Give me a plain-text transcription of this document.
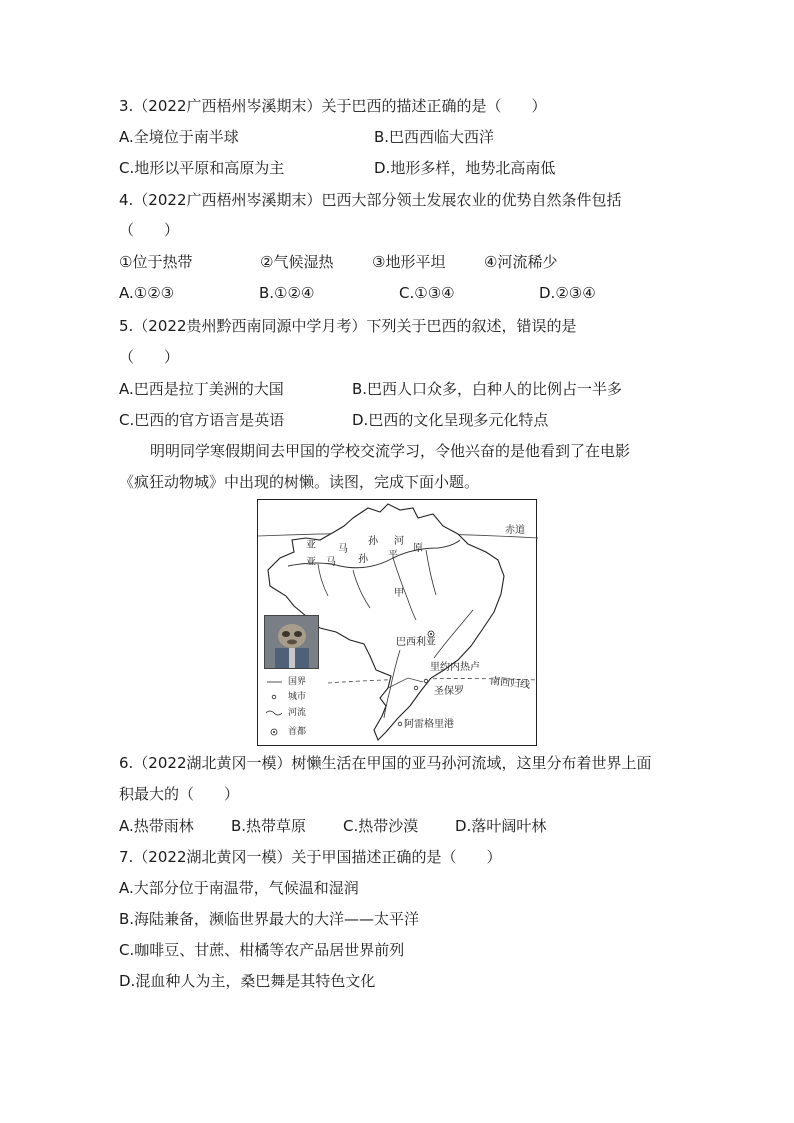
3.（2022广西梧州岑溪期末）关于巴西的描述正确的是（　　）
A.全境位于南半球	B.巴西西临大西洋
C.地形以平原和高原为主	D.地形多样，地势北高南低
4.（2022广西梧州岑溪期末）巴西大部分领土发展农业的优势自然条件包括
（　　）
①位于热带	②气候湿热	③地形平坦	④河流稀少
A.①②③	B.①②④	C.①③④	D.②③④
5.（2022贵州黔西南同源中学月考）下列关于巴西的叙述，错误的是
（　　）
A.巴西是拉丁美洲的大国	B.巴西人口众多，白种人的比例占一半多
C.巴西的官方语言是英语	D.巴西的文化呈现多元化特点
明明同学寒假期间去甲国的学校交流学习，令他兴奋的是他看到了在电影
《疯狂动物城》中出现的树懒。读图，完成下面小题。
赤道
河
孙
马
亚
亚 马 孙 平
原
甲
巴西利亚
里约内热卢
圣保罗
南回归线
阿雷格里港
国界
城市
河流
首都
6.（2022湖北黄冈一模）树懒生活在甲国的亚马孙河流域，这里分布着世界上面
积最大的（　　）
A.热带雨林 B.热带草原 C.热带沙漠 D.落叶阔叶林
7.（2022湖北黄冈一模）关于甲国描述正确的是（　　）
A.大部分位于南温带，气候温和湿润
B.海陆兼备，濒临世界最大的大洋——太平洋
C.咖啡豆、甘蔗、柑橘等农产品居世界前列
D.混血种人为主，桑巴舞是其特色文化
